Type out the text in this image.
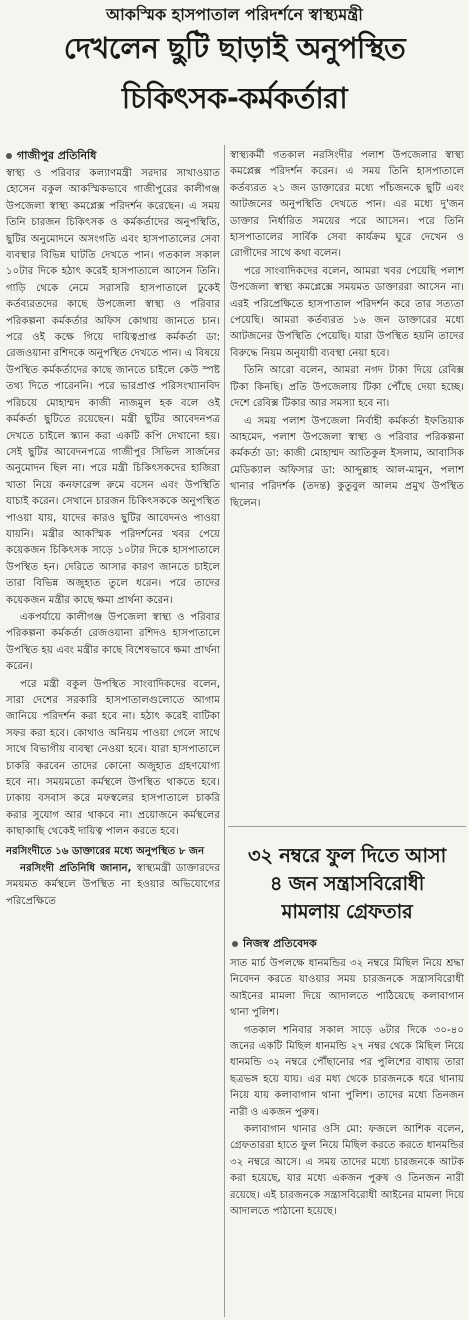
আকস্মিক হাসপাতাল পরিদর্শনে স্বাস্থ্যমন্ত্রী
দেখলেন ছুটি ছাড়াই অনুপস্থিত
চিকিৎসক-কর্মকর্তারা
গাজীপুর প্রতিনিধি

স্বাস্থ্য ও পরিবার কল্যাণমন্ত্রী সরদার সাখাওয়াত হোসেন বকুল আকস্মিকভাবে গাজীপুরের কালীগঞ্জ উপজেলা স্বাস্থ্য কমপ্লেক্স পরিদর্শন করেছেন। এ সময় তিনি চারজন চিকিৎসক ও কর্মকর্তাদের অনুপস্থিতি, ছুটির অনুমোদনে অসংগতি এবং হাসপাতালের সেবা ব্যবস্থার বিভিন্ন ঘাটতি দেখতে পান। গতকাল সকাল ১০টার দিকে হঠাৎ করেই হাসপাতালে আসেন তিনি। গাড়ি থেকে নেমে সরাসরি হাসপাতালে ঢুকেই কর্তব্যরতদের কাছে উপজেলা স্বাস্থ্য ও পরিবার পরিকল্পনা কর্মকর্তার অফিস কোথায় জানতে চান। পরে ওই কক্ষে গিয়ে দায়িত্বপ্রাপ্ত কর্মকর্তা ডা: রেজওয়ানা রশিদকে অনুপস্থিত দেখতে পান। এ বিষয়ে উপস্থিত কর্মকর্তাদের কাছে জানতে চাইলে কেউ স্পষ্ট তথ্য দিতে পারেননি। পরে ভারপ্রাপ্ত পরিসংখ্যানবিদ পরিচয়ে মোহাম্মদ কাজী নাজমুল হক বলে ওই কর্মকর্তা ছুটিতে রয়েছেন। মন্ত্রী ছুটির আবেদনপত্র দেখতে চাইলে স্ক্যান করা একটি কপি দেখানো হয়। সেই ছুটির আবেদনপত্রে গাজীপুর সিভিল সার্জনের অনুমোদন ছিল না। পরে মন্ত্রী চিকিৎসকদের হাজিরা খাতা নিয়ে কনফারেন্স রুমে বসেন এবং উপস্থিতি যাচাই করেন। সেখানে চারজন চিকিৎসককে অনুপস্থিত পাওয়া যায়, যাদের কারও ছুটির আবেদনও পাওয়া যায়নি। মন্ত্রীর আকস্মিক পরিদর্শনের খবর পেয়ে কয়েকজন চিকিৎসক সাড়ে ১০টার দিকে হাসপাতালে উপস্থিত হন। দেরিতে আসার কারণ জানতে চাইলে তারা বিভিন্ন অজুহাত তুলে ধরেন। পরে তাদের কয়েকজন মন্ত্রীর কাছে ক্ষমা প্রার্থনা করেন।

একপর্যায়ে কালীগঞ্জ উপজেলা স্বাস্থ্য ও পরিবার পরিকল্পনা কর্মকর্তা রেজওয়ানা রশিদও হাসপাতালে উপস্থিত হয় এবং মন্ত্রীর কাছে বিশেষভাবে ক্ষমা প্রার্থনা করেন।

পরে মন্ত্রী বকুল উপস্থিত সাংবাদিকদের বলেন, সারা দেশের সরকারি হাসপাতালগুলোতে আগাম জানিয়ে পরিদর্শন করা হবে না। হঠাৎ করেই বাটিকা সফর করা হবে। কোথাও অনিয়ম পাওয়া গেলে সাথে সাথে বিভাগীয় ব্যবস্থা নেওয়া হবে। যারা হাসপাতালে চাকরি করবেন তাদের কোনো অজুহাত গ্রহণযোগ্য হবে না। সময়মতো কর্মস্থলে উপস্থিত থাকতে হবে। ঢাকায় বসবাস করে মফস্বলের হাসপাতালে চাকরি করার সুযোগ আর থাকবে না। প্রয়োজনে কর্মস্থলের কাছাকাছি থেকেই দায়িত্ব পালন করতে হবে।

নরসিংদীতে ১৬ ডাক্তারের মধ্যে অনুপস্থিত ৮ জন

নরসিংদী প্রতিনিধি জানান, স্বাস্থ্যমন্ত্রী ডাক্তারদের সময়মত কর্মস্থলে উপস্থিত না হওয়ার অভিযোগের পরিপ্রেক্ষিতে

স্বাস্থ্যকর্মী গতকাল নরসিংদীর পলাশ উপজেলার স্বাস্থ্য কমপ্লেক্স পরিদর্শন করেন। এ সময় তিনি হাসপাতালে কর্তব্যরত ২১ জন ডাক্তারের মধ্যে পাঁচজনকে ছুটি এবং আটজনের অনুপস্থিতি দেখতে পান। এর মধ্যে দু'জন ডাক্তার নির্ধারিত সময়ের পরে আসেন। পরে তিনি হাসপাতালের সার্বিক সেবা কার্যক্রম ঘুরে দেখেন ও রোগীদের সাথে কথা বলেন।

পরে সাংবাদিকদের বলেন, আমরা খবর পেয়েছি পলাশ উপজেলা স্বাস্থ্য কমপ্লেক্সে সময়মত ডাক্তাররা আসেন না। এরই পরিপ্রেক্ষিতে হাসপাতাল পরিদর্শন করে তার সত্যতা পেয়েছি। আমরা কর্তব্যরত ১৬ জন ডাক্তারের মধ্যে আটজনের উপস্থিতি পেয়েছি। যারা উপস্থিত হয়নি তাদের বিরুদ্ধে নিয়ম অনুযায়ী ব্যবস্থা নেয়া হবে।

তিনি আরো বলেন, আমরা নগদ টাকা দিয়ে রেবিক্স টিকা কিনছি। প্রতি উপজেলায় টিকা পৌঁছে দেয়া হচ্ছে। দেশে রেবিক্স টিকার আর সমস্যা হবে না।

এ সময় পলাশ উপজেলা নির্বাহী কর্মকর্তা ইফতিয়াক আহমেদ, পলাশ উপজেলা স্বাস্থ্য ও পরিবার পরিকল্পনা কর্মকর্তা ডা: কাজী মোহাম্মদ আতিকুল ইসলাম, আবাসিক মেডিক্যাল অফিসার ডা: আব্দুল্লাহ আল-মামুন, পলাশ থানার পরিদর্শক (তদন্ত) কুতুবুল আলম প্রমুখ উপস্থিত ছিলেন।

৩২ নম্বরে ফুল দিতে আসা
৪ জন সন্ত্রাসবিরোধী
মামলায় গ্রেফতার
নিজস্ব প্রতিবেদক

সাত মার্চ উপলক্ষে ধানমন্ডির ৩২ নম্বরে মিছিল নিয়ে শ্রদ্ধা নিবেদন করতে যাওয়ার সময় চারজনকে সন্ত্রাসবিরোধী আইনের মামলা দিয়ে আদালতে পাঠিয়েছে কলাবাগান থানা পুলিশ।

গতকাল শনিবার সকাল সাড়ে ৬টার দিকে ৩০-৪০ জনের একটি মিছিল ধানমন্ডি ২৭ নম্বর থেকে মিছিল নিয়ে ধানমন্ডি ৩২ নম্বরে পৌঁছানোর পর পুলিশের বাধায় তারা ছত্রভঙ্গ হয়ে যায়। এর মধ্য থেকে চারজনকে ধরে থানায় নিয়ে যায় কলাবাগান থানা পুলিশ। তাদের মধ্যে তিনজন নারী ও একজন পুরুষ।

কলাবাগান থানার ওসি মো: ফজলে আশিক বলেন, গ্রেফতাররা হাতে ফুল নিয়ে মিছিল করতে করতে ধানমন্ডির ৩২ নম্বরে আসে। এ সময় তাদের মধ্যে চারজনকে আটক করা হয়েছে, যার মধ্যে একজন পুরুষ ও তিনজন নারী রয়েছে। এই চারজনকে সন্ত্রাসবিরোধী আইনের মামলা দিয়ে আদালতে পাঠানো হয়েছে।
